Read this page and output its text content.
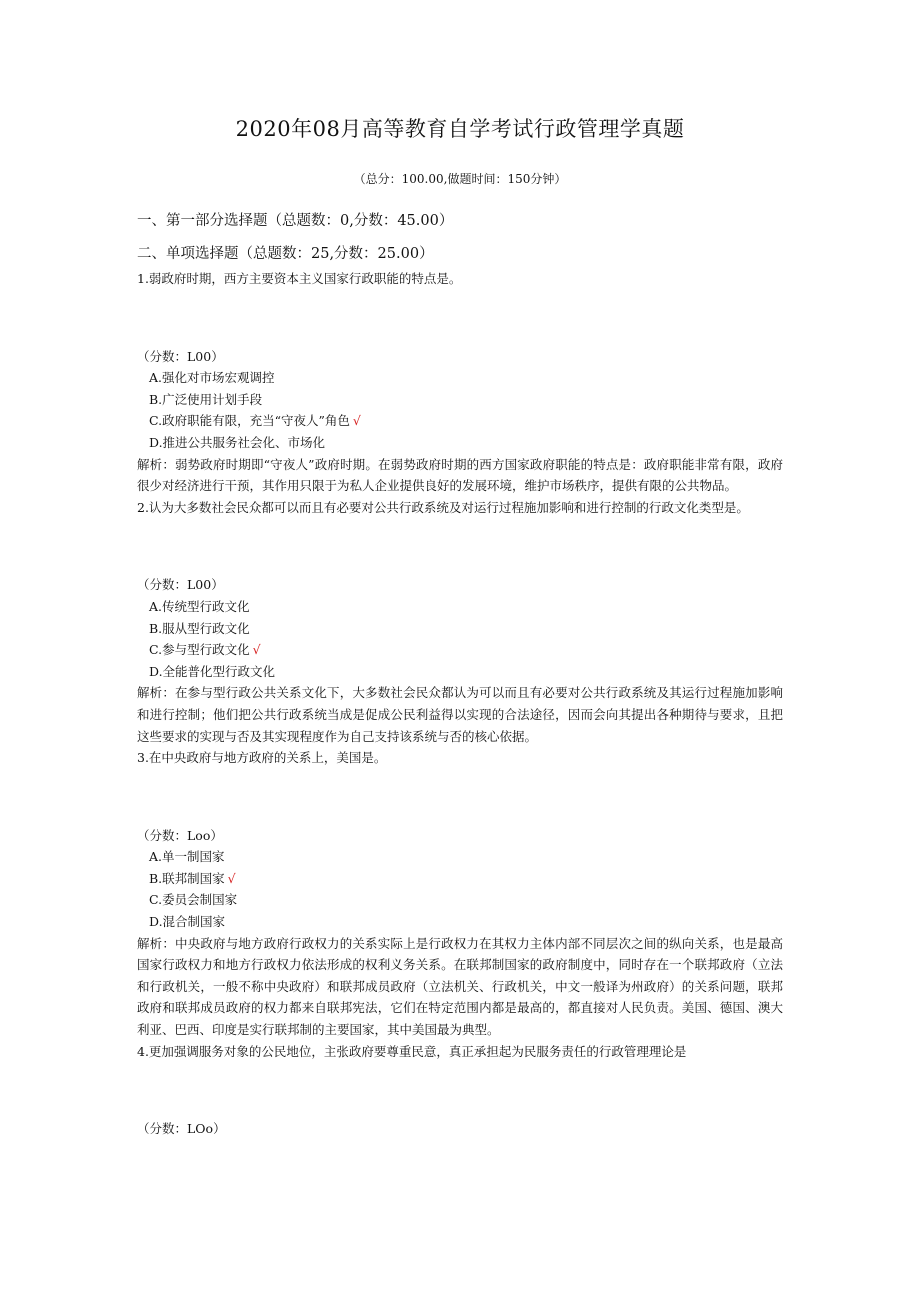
2020年08月高等教育自学考试行政管理学真题
（总分：100.00,做题时间：150分钟）
一、第一部分选择题（总题数：0,分数：45.00）
二、单项选择题（总题数：25,分数：25.00）

1.弱政府时期，西方主要资本主义国家行政职能的特点是。

（分数：L00）

A.强化对市场宏观调控
B.广泛使用计划手段
C.政府职能有限，充当“守夜人”角色 √
D.推进公共服务社会化、市场化

解析：弱势政府时期即“守夜人”政府时期。在弱势政府时期的西方国家政府职能的特点是：政府职能非常有限，政府很少对经济进行干预，其作用只限于为私人企业提供良好的发展环境，维护市场秩序，提供有限的公共物品。

2.认为大多数社会民众都可以而且有必要对公共行政系统及对运行过程施加影响和进行控制的行政文化类型是。

（分数：L00）

A.传统型行政文化
B.服从型行政文化
C.参与型行政文化 √
D.全能普化型行政文化

解析：在参与型行政公共关系文化下，大多数社会民众都认为可以而且有必要对公共行政系统及其运行过程施加影响和进行控制；他们把公共行政系统当成是促成公民利益得以实现的合法途径，因而会向其提出各种期待与要求，且把这些要求的实现与否及其实现程度作为自己支持该系统与否的核心依据。

3.在中央政府与地方政府的关系上，美国是。

（分数：Loo）

A.单一制国家
B.联邦制国家 √
C.委员会制国家
D.混合制国家

解析：中央政府与地方政府行政权力的关系实际上是行政权力在其权力主体内部不同层次之间的纵向关系，也是最高国家行政权力和地方行政权力依法形成的权利义务关系。在联邦制国家的政府制度中，同时存在一个联邦政府（立法和行政机关，一般不称中央政府）和联邦成员政府（立法机关、行政机关，中文一般译为州政府）的关系问题，联邦政府和联邦成员政府的权力都来自联邦宪法，它们在特定范围内都是最高的，都直接对人民负责。美国、德国、澳大利亚、巴西、印度是实行联邦制的主要国家，其中美国最为典型。

4.更加强调服务对象的公民地位，主张政府要尊重民意，真正承担起为民服务责任的行政管理理论是

（分数：LOo）
